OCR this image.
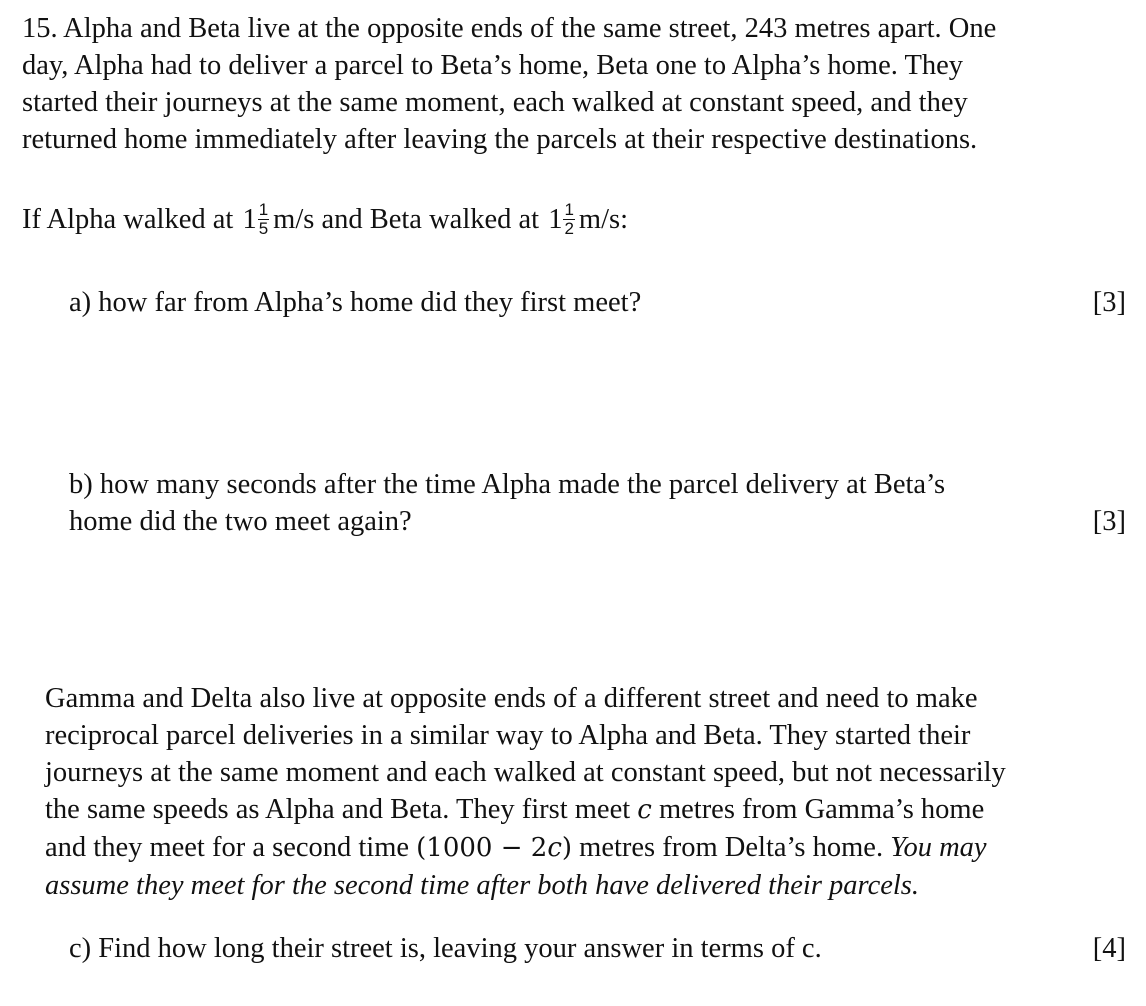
15. Alpha and Beta live at the opposite ends of the same street, 243 metres apart. One
day, Alpha had to deliver a parcel to Beta’s home, Beta one to Alpha’s home. They
started their journeys at the same moment, each walked at constant speed, and they
returned home immediately after leaving the parcels at their respective destinations.
If Alpha walked at $1 \frac{1}{5} m/s$ and Beta walked at $1 \frac{1}{2} m/s$:
a) how far from Alpha’s home did they first meet?	[3]
b) how many seconds after the time Alpha made the parcel delivery at Beta’s
home did the two meet again?	[3]
Gamma and Delta also live at opposite ends of a different street and need to make
reciprocal parcel deliveries in a similar way to Alpha and Beta. They started their
journeys at the same moment and each walked at constant speed, but not necessarily
the same speeds as Alpha and Beta. They first meet c metres from Gamma’s home
and they meet for a second time (1000 − 2c) metres from Delta’s home. You may
assume they meet for the second time after both have delivered their parcels.
c) Find how long their street is, leaving your answer in terms of c.	[4]
